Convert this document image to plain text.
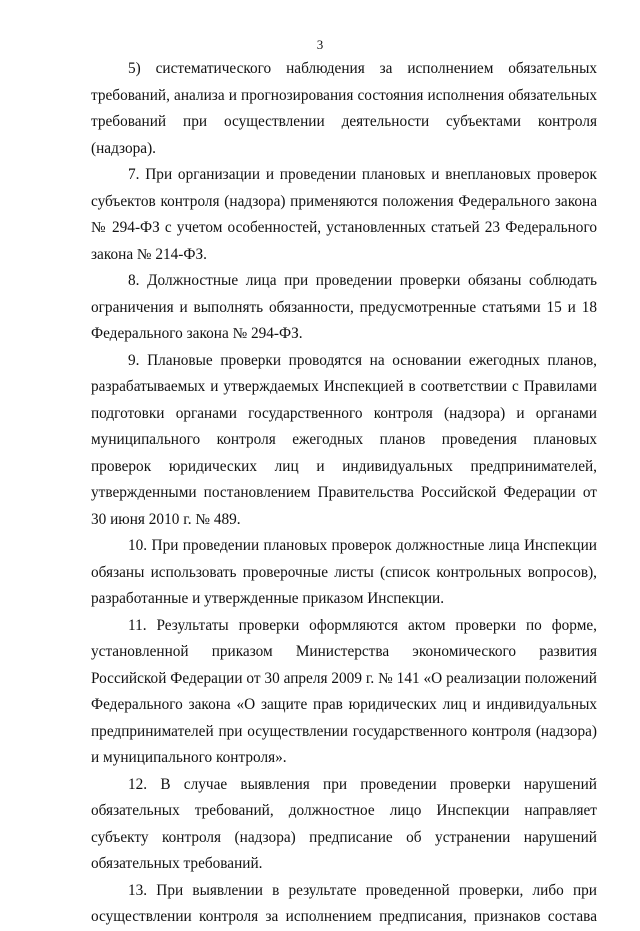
3

5) систематического наблюдения за исполнением обязательных требований, анализа и прогнозирования состояния исполнения обязательных требований при осуществлении деятельности субъектами контроля (надзора).

7. При организации и проведении плановых и внеплановых проверок субъектов контроля (надзора) применяются положения Федерального закона № 294-ФЗ с учетом особенностей, установленных статьей 23 Федерального закона № 214-ФЗ.

8. Должностные лица при проведении проверки обязаны соблюдать ограничения и выполнять обязанности, предусмотренные статьями 15 и 18 Федерального закона № 294-ФЗ.

9. Плановые проверки проводятся на основании ежегодных планов, разрабатываемых и утверждаемых Инспекцией в соответствии с Правилами подготовки органами государственного контроля (надзора) и органами муниципального контроля ежегодных планов проведения плановых проверок юридических лиц и индивидуальных предпринимателей, утвержденными постановлением Правительства Российской Федерации от 30 июня 2010 г. № 489.

10. При проведении плановых проверок должностные лица Инспекции обязаны использовать проверочные листы (список контрольных вопросов), разработанные и утвержденные приказом Инспекции.

11. Результаты проверки оформляются актом проверки по форме, установленной приказом Министерства экономического развития Российской Федерации от 30 апреля 2009 г. № 141 «О реализации положений Федерального закона «О защите прав юридических лиц и индивидуальных предпринимателей при осуществлении государственного контроля (надзора) и муниципального контроля».

12. В случае выявления при проведении проверки нарушений обязательных требований, должностное лицо Инспекции направляет субъекту контроля (надзора) предписание об устранении нарушений обязательных требований.

13. При выявлении в результате проведенной проверки, либо при осуществлении контроля за исполнением предписания, признаков состава
